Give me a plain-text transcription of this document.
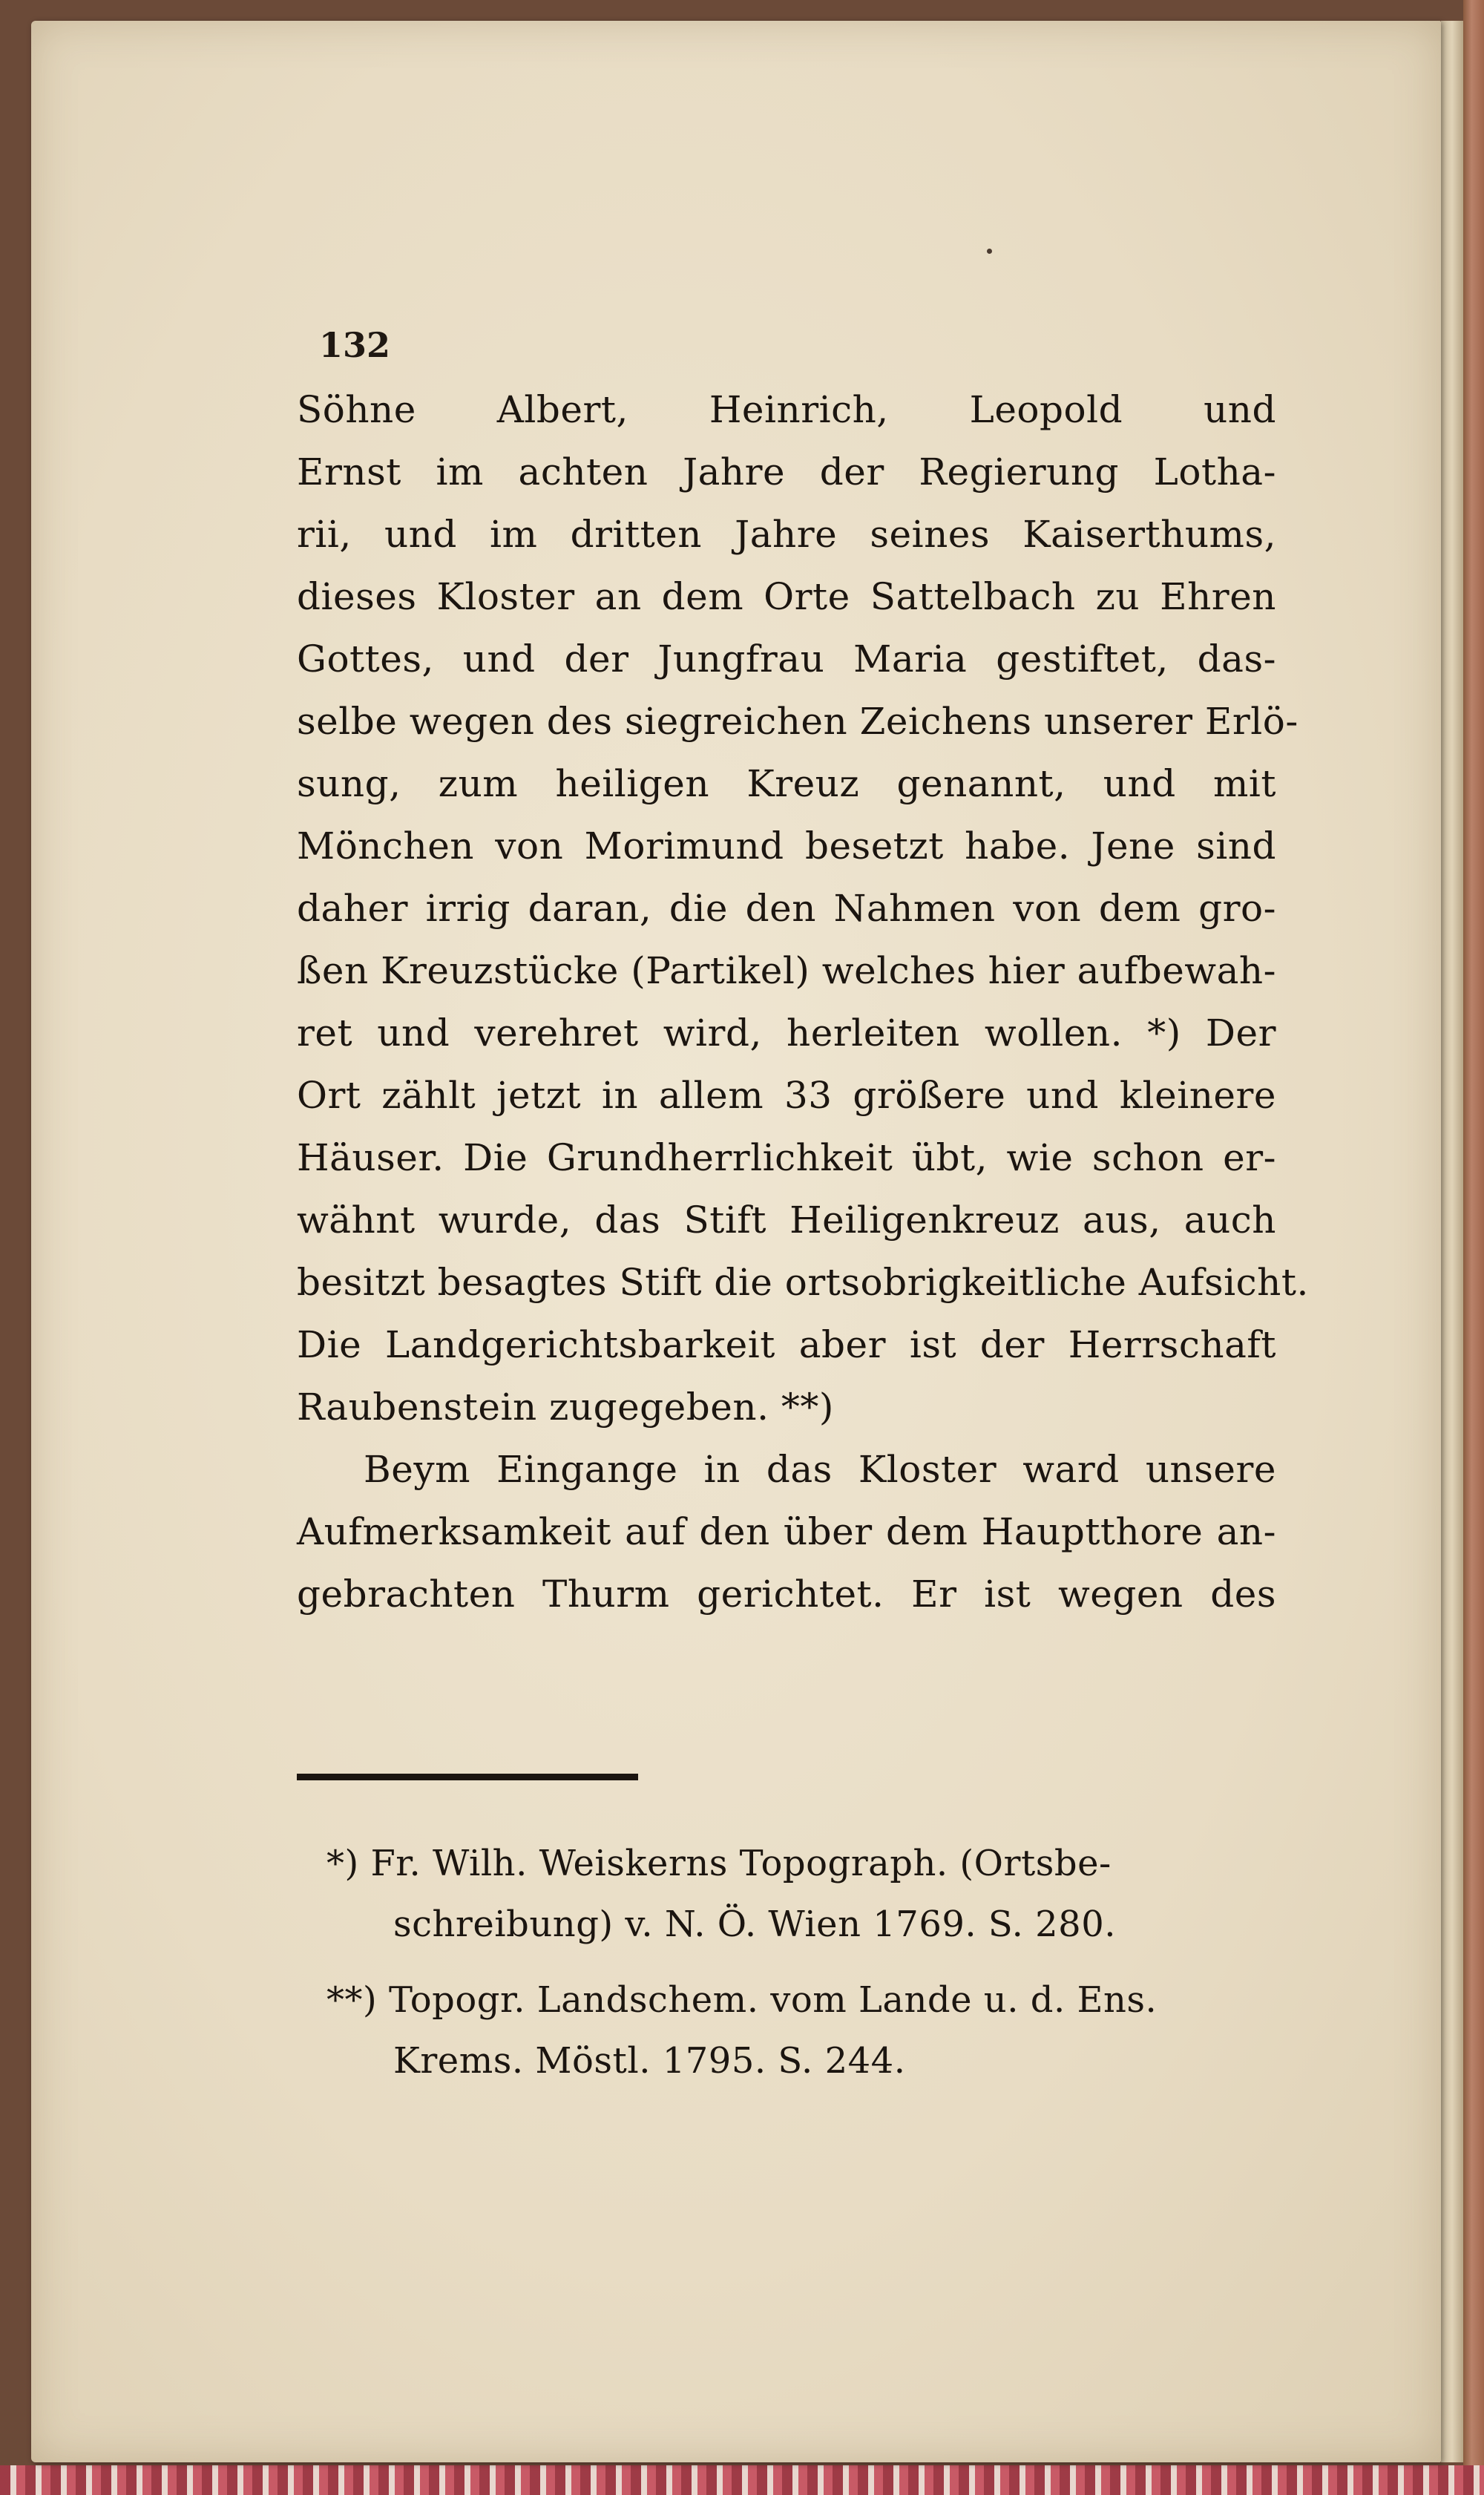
132
Söhne Albert, Heinrich, Leopold und
Ernst im achten Jahre der Regierung Lotha-
rii, und im dritten Jahre seines Kaiserthums,
dieses Kloster an dem Orte Sattelbach zu Ehren
Gottes, und der Jungfrau Maria gestiftet, das-
selbe wegen des siegreichen Zeichens unserer Erlö-
sung, zum heiligen Kreuz genannt, und mit
Mönchen von Morimund besetzt habe. Jene sind
daher irrig daran, die den Nahmen von dem gro-
ßen Kreuzstücke (Partikel) welches hier aufbewah-
ret und verehret wird, herleiten wollen. *) Der
Ort zählt jetzt in allem 33 größere und kleinere
Häuser. Die Grundherrlichkeit übt, wie schon er-
wähnt wurde, das Stift Heiligenkreuz aus, auch
besitzt besagtes Stift die ortsobrigkeitliche Aufsicht.
Die Landgerichtsbarkeit aber ist der Herrschaft
Raubenstein zugegeben. **)
Beym Eingange in das Kloster ward unsere
Aufmerksamkeit auf den über dem Hauptthore an-
gebrachten Thurm gerichtet. Er ist wegen des
*) Fr. Wilh. Weiskerns Topograph. (Ortsbe-
schreibung) v. N. Ö. Wien 1769. S. 280.
**) Topogr. Landschem. vom Lande u. d. Ens.
Krems. Möstl. 1795. S. 244.
